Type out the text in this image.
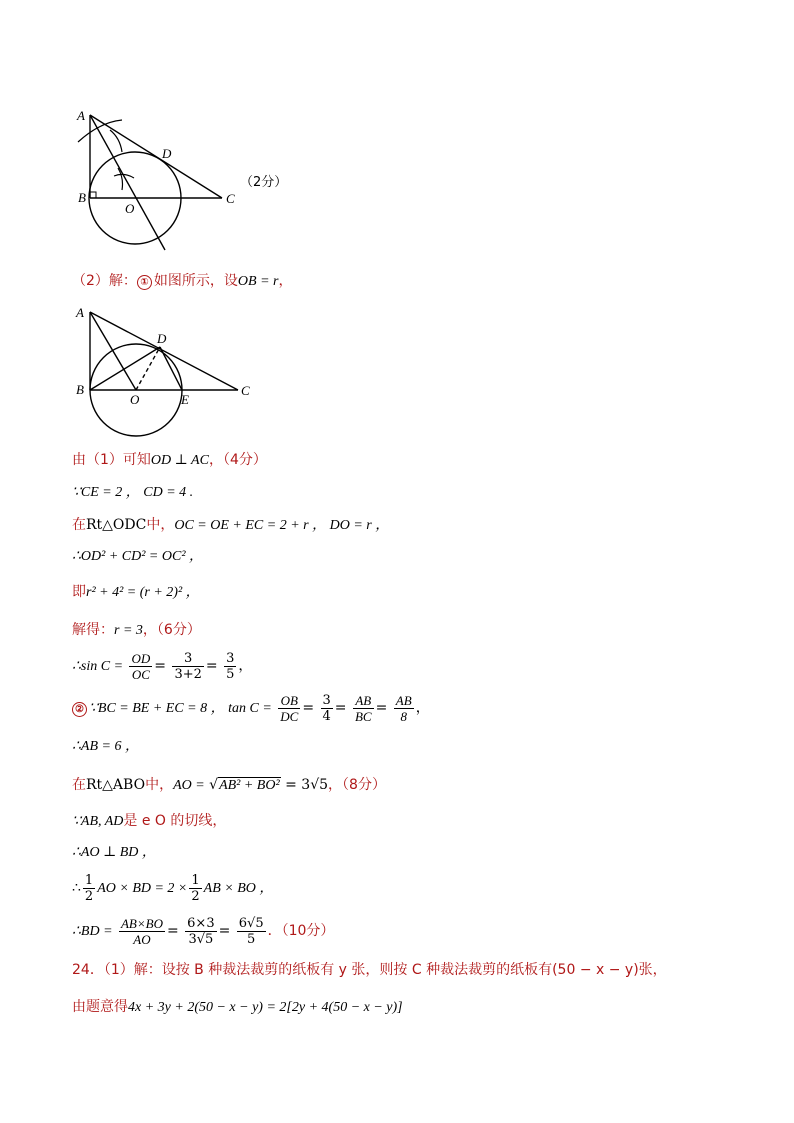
A
B	C
D
O
（2分）
（2）解： ① 如图所示，设OB = r，
A
B	C
D
O	E
由（1）可知OD ⊥ AC，（4分）
∵CE = 2 ， CD = 4 .
在Rt△ODC中，OC = OE + EC = 2 + r ， DO = r ，
∴OD² + CD² = OC² ，
即r² + 4² = (r + 2)² ，
解得：r = 3，（6分）
∴sin $C = \frac{OD}{OC} = \frac{3}{3+2} = \frac{3}{5}$ ，
② ∵BC = BE + EC = 8 ， $\tan C = \frac{OB}{DC} = \frac{3}{4} = \frac{AB}{BC} = \frac{AB}{8}$ ，
∴AB = 6 ，
在Rt△ABO中，AO = √AB² + BO² = 3√5，（8分）
∵AB, AD是 e O 的切线，
∴AO ⊥ BD ，
∴ $\frac{1}{2}$ AO × BD = $2 \times \frac{1}{2}$ AB × BO ，
∴BD = $\frac{AB\times BO}{AO} = \frac{6\times 3}{3√5} = \frac{6√5}{5}$ ．（10分）
24．（1）解：设按 B 种裁法裁剪的纸板有 y 张，则按 C 种裁法裁剪的纸板有(50 − x − y)张，
由题意得4x + 3y + 2(50 − x − y) = 2[2y + 4(50 − x − y)]
